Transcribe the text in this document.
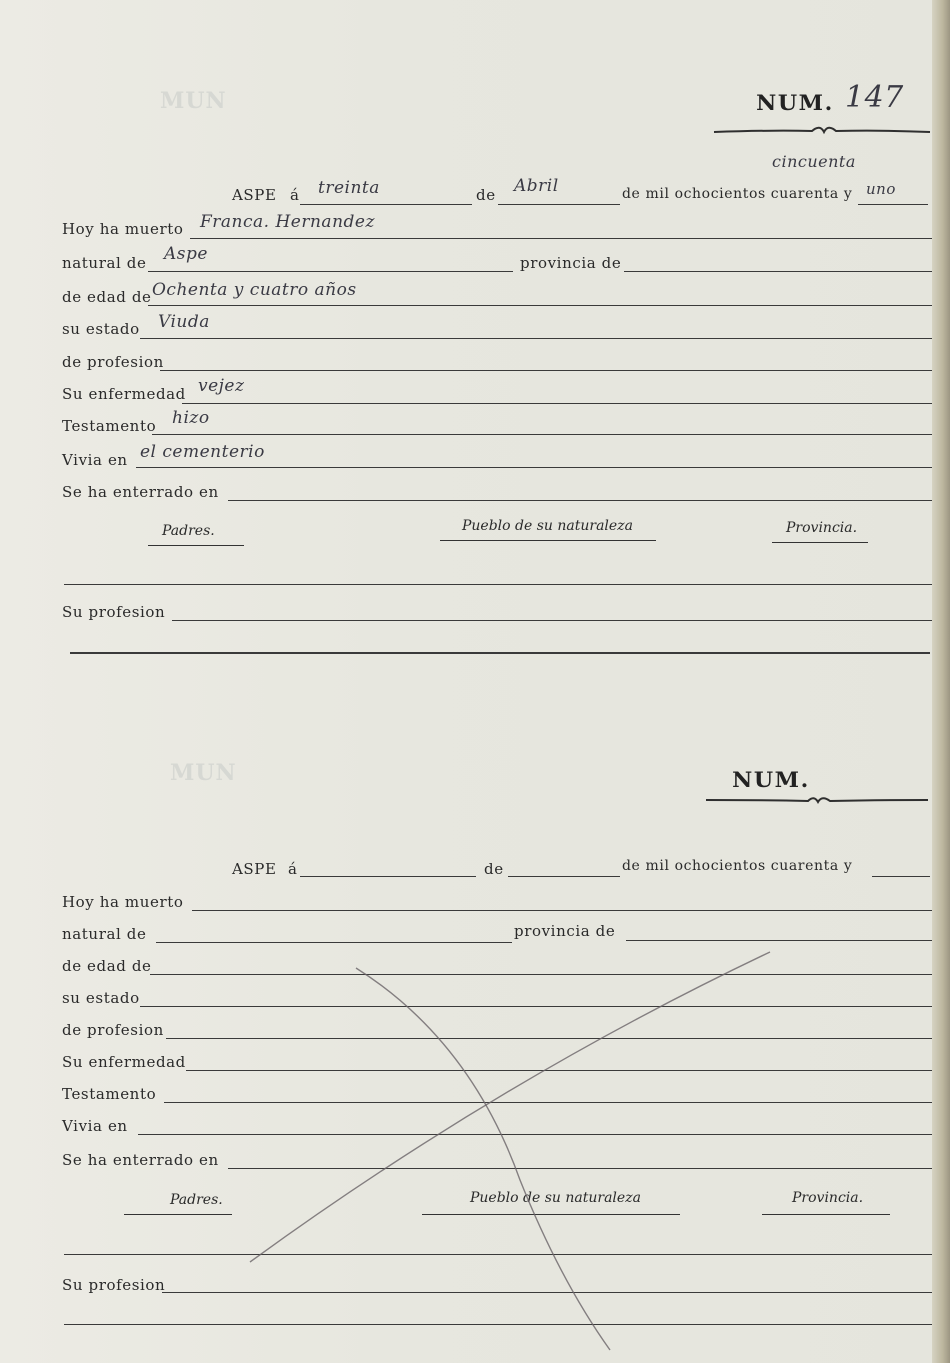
MUN
MUN
NUM. 147
cincuenta
ASPE á treinta	de Abril	de mil ochocientos cuarenta y uno
Hoy ha muerto Franca. Hernandez
natural de Aspe	provincia de
de edad de Ochenta y cuatro años
su estado Viuda
de profesion
Su enfermedad vejez
Testamento hizo
Vivia en el cementerio
Se ha enterrado en
Padres.	Pueblo de su naturaleza	Provincia.
Su profesion
NUM.
ASPE á	de	de mil ochocientos cuarenta y
Hoy ha muerto
natural de	provincia de
de edad de
su estado
de profesion
Su enfermedad
Testamento
Vivia en
Se ha enterrado en
Padres.	Pueblo de su naturaleza	Provincia.
Su profesion
